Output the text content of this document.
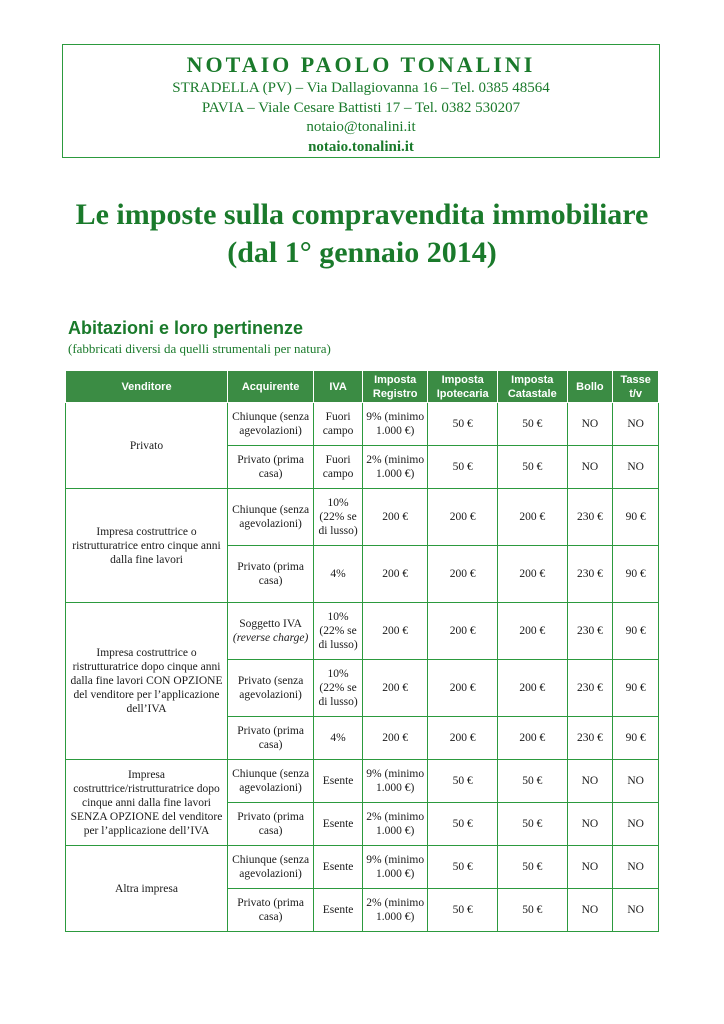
NOTAIO PAOLO TONALINI
STRADELLA (PV) – Via Dallagiovanna 16 – Tel. 0385 48564
PAVIA – Viale Cesare Battisti 17 – Tel. 0382 530207
notaio@tonalini.it
notaio.tonalini.it
Le imposte sulla compravendita immobiliare
(dal 1° gennaio 2014)
Abitazioni e loro pertinenze
(fabbricati diversi da quelli strumentali per natura)
Venditore	Acquirente	IVA	Imposta Registro	Imposta Ipotecaria	Imposta Catastale	Bollo	Tasse t/v
Privato	Chiunque (senza agevolazioni)	Fuori campo	9% (minimo 1.000 €)	50 €	50 €	NO	NO
	Privato (prima casa)	Fuori campo	2% (minimo 1.000 €)	50 €	50 €	NO	NO
Impresa costruttrice o ristrutturatrice entro cinque anni dalla fine lavori	Chiunque (senza agevolazioni)	10% (22% se di lusso)	200 €	200 €	200 €	230 €	90 €
	Privato (prima casa)	4%	200 €	200 €	200 €	230 €	90 €
Impresa costruttrice o ristrutturatrice dopo cinque anni dalla fine lavori CON OPZIONE del venditore per l’applicazione dell’IVA	Soggetto IVA
(reverse charge)	10% (22% se di lusso)	200 €	200 €	200 €	230 €	90 €
	Privato (senza agevolazioni)	10% (22% se di lusso)	200 €	200 €	200 €	230 €	90 €
	Privato (prima casa)	4%	200 €	200 €	200 €	230 €	90 €
Impresa costruttrice/ristrutturatrice dopo cinque anni dalla fine lavori SENZA OPZIONE del venditore per l’applicazione dell’IVA	Chiunque (senza agevolazioni)	Esente	9% (minimo 1.000 €)	50 €	50 €	NO	NO
	Privato (prima casa)	Esente	2% (minimo 1.000 €)	50 €	50 €	NO	NO
Altra impresa	Chiunque (senza agevolazioni)	Esente	9% (minimo 1.000 €)	50 €	50 €	NO	NO
	Privato (prima casa)	Esente	2% (minimo 1.000 €)	50 €	50 €	NO	NO
